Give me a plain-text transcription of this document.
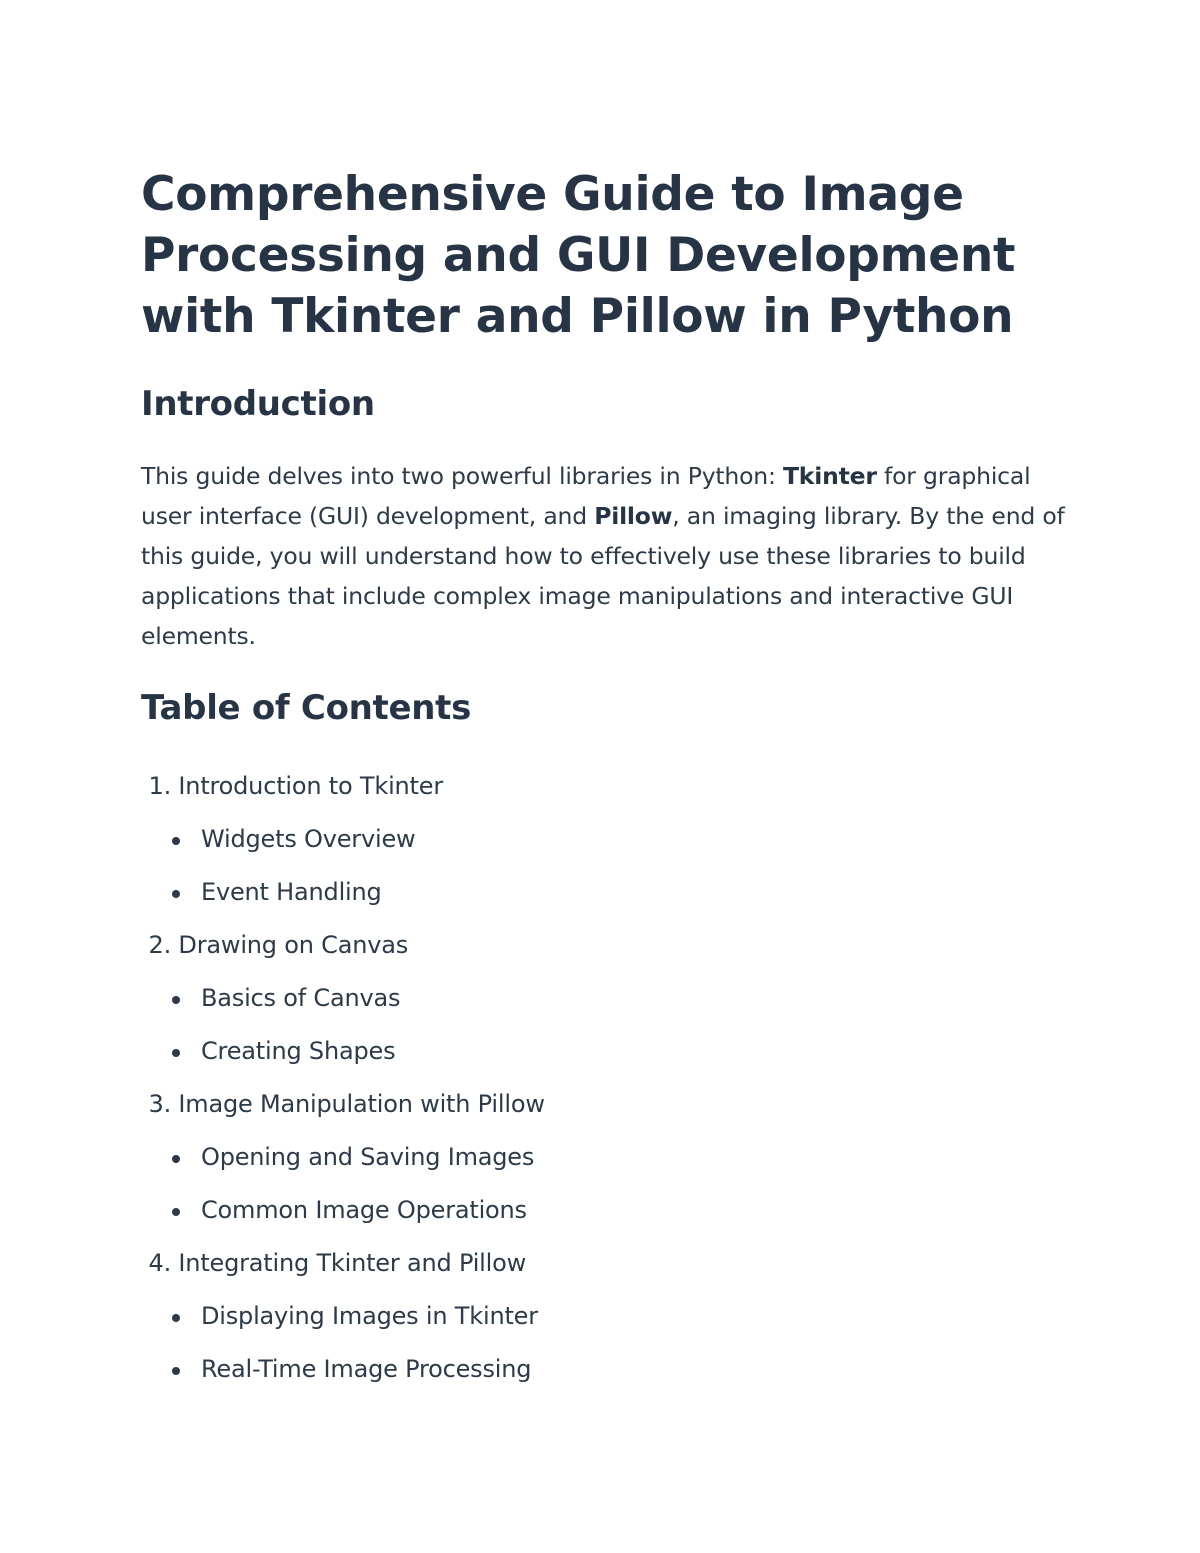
Comprehensive Guide to Image Processing and GUI Development with Tkinter and Pillow in Python
Introduction

This guide delves into two powerful libraries in Python: Tkinter for graphical user interface (GUI) development, and Pillow, an imaging library. By the end of this guide, you will understand how to effectively use these libraries to build applications that include complex image manipulations and interactive GUI elements.

Table of Contents
1. Introduction to Tkinter
Widgets Overview
Event Handling
2. Drawing on Canvas
Basics of Canvas
Creating Shapes
3. Image Manipulation with Pillow
Opening and Saving Images
Common Image Operations
4. Integrating Tkinter and Pillow
Displaying Images in Tkinter
Real-Time Image Processing
